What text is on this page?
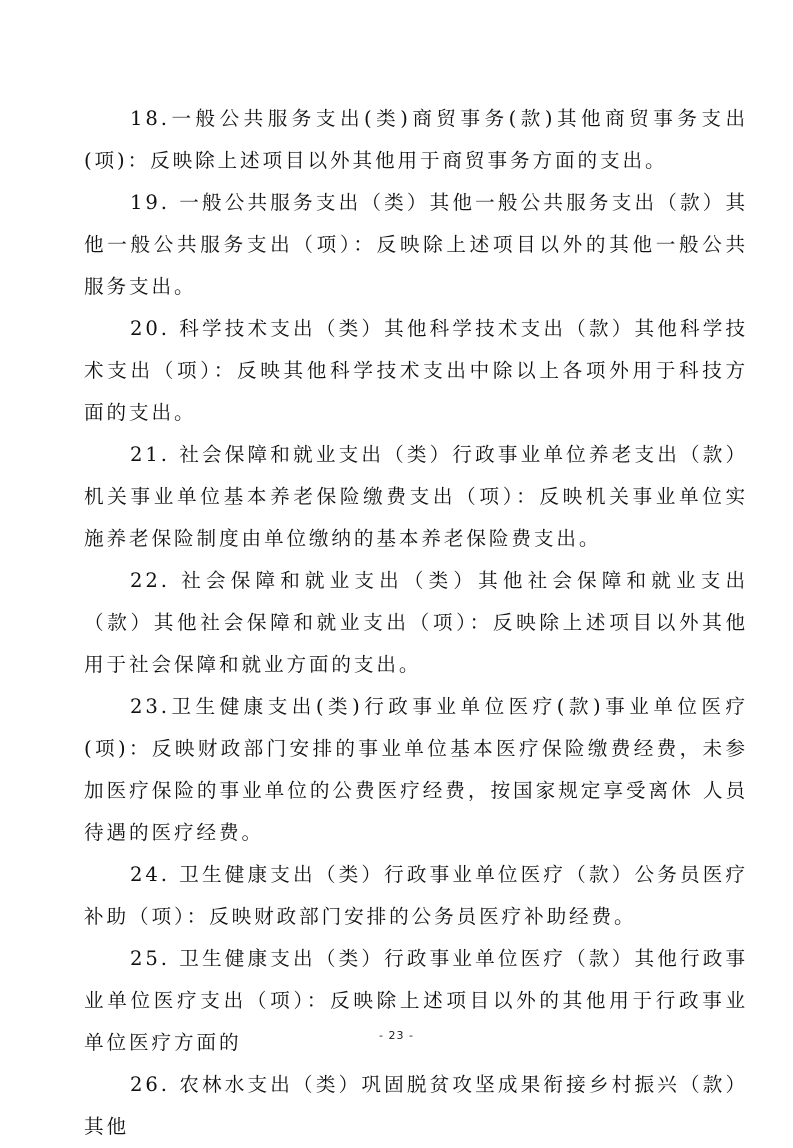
18.一般公共服务支出(类)商贸事务(款)其他商贸事务支出(项)：反映除上述项目以外其他用于商贸事务方面的支出。

19. 一般公共服务支出（类）其他一般公共服务支出（款）其他一般公共服务支出（项）：反映除上述项目以外的其他一般公共服务支出。

20. 科学技术支出（类）其他科学技术支出（款）其他科学技术支出（项）：反映其他科学技术支出中除以上各项外用于科技方面的支出。

21. 社会保障和就业支出（类）行政事业单位养老支出（款）机关事业单位基本养老保险缴费支出（项）：反映机关事业单位实施养老保险制度由单位缴纳的基本养老保险费支出。

22. 社会保障和就业支出（类）其他社会保障和就业支出（款）其他社会保障和就业支出（项）：反映除上述项目以外其他用于社会保障和就业方面的支出。

23.卫生健康支出(类)行政事业单位医疗(款)事业单位医疗(项)：反映财政部门安排的事业单位基本医疗保险缴费经费，未参 加医疗保险的事业单位的公费医疗经费，按国家规定享受离休 人员待遇的医疗经费。

24. 卫生健康支出（类）行政事业单位医疗（款）公务员医疗补助（项）：反映财政部门安排的公务员医疗补助经费。

25. 卫生健康支出（类）行政事业单位医疗（款）其他行政事业单位医疗支出（项）：反映除上述项目以外的其他用于行政事业单位医疗方面的

26. 农林水支出（类）巩固脱贫攻坚成果衔接乡村振兴（款）其他

- 23 -
